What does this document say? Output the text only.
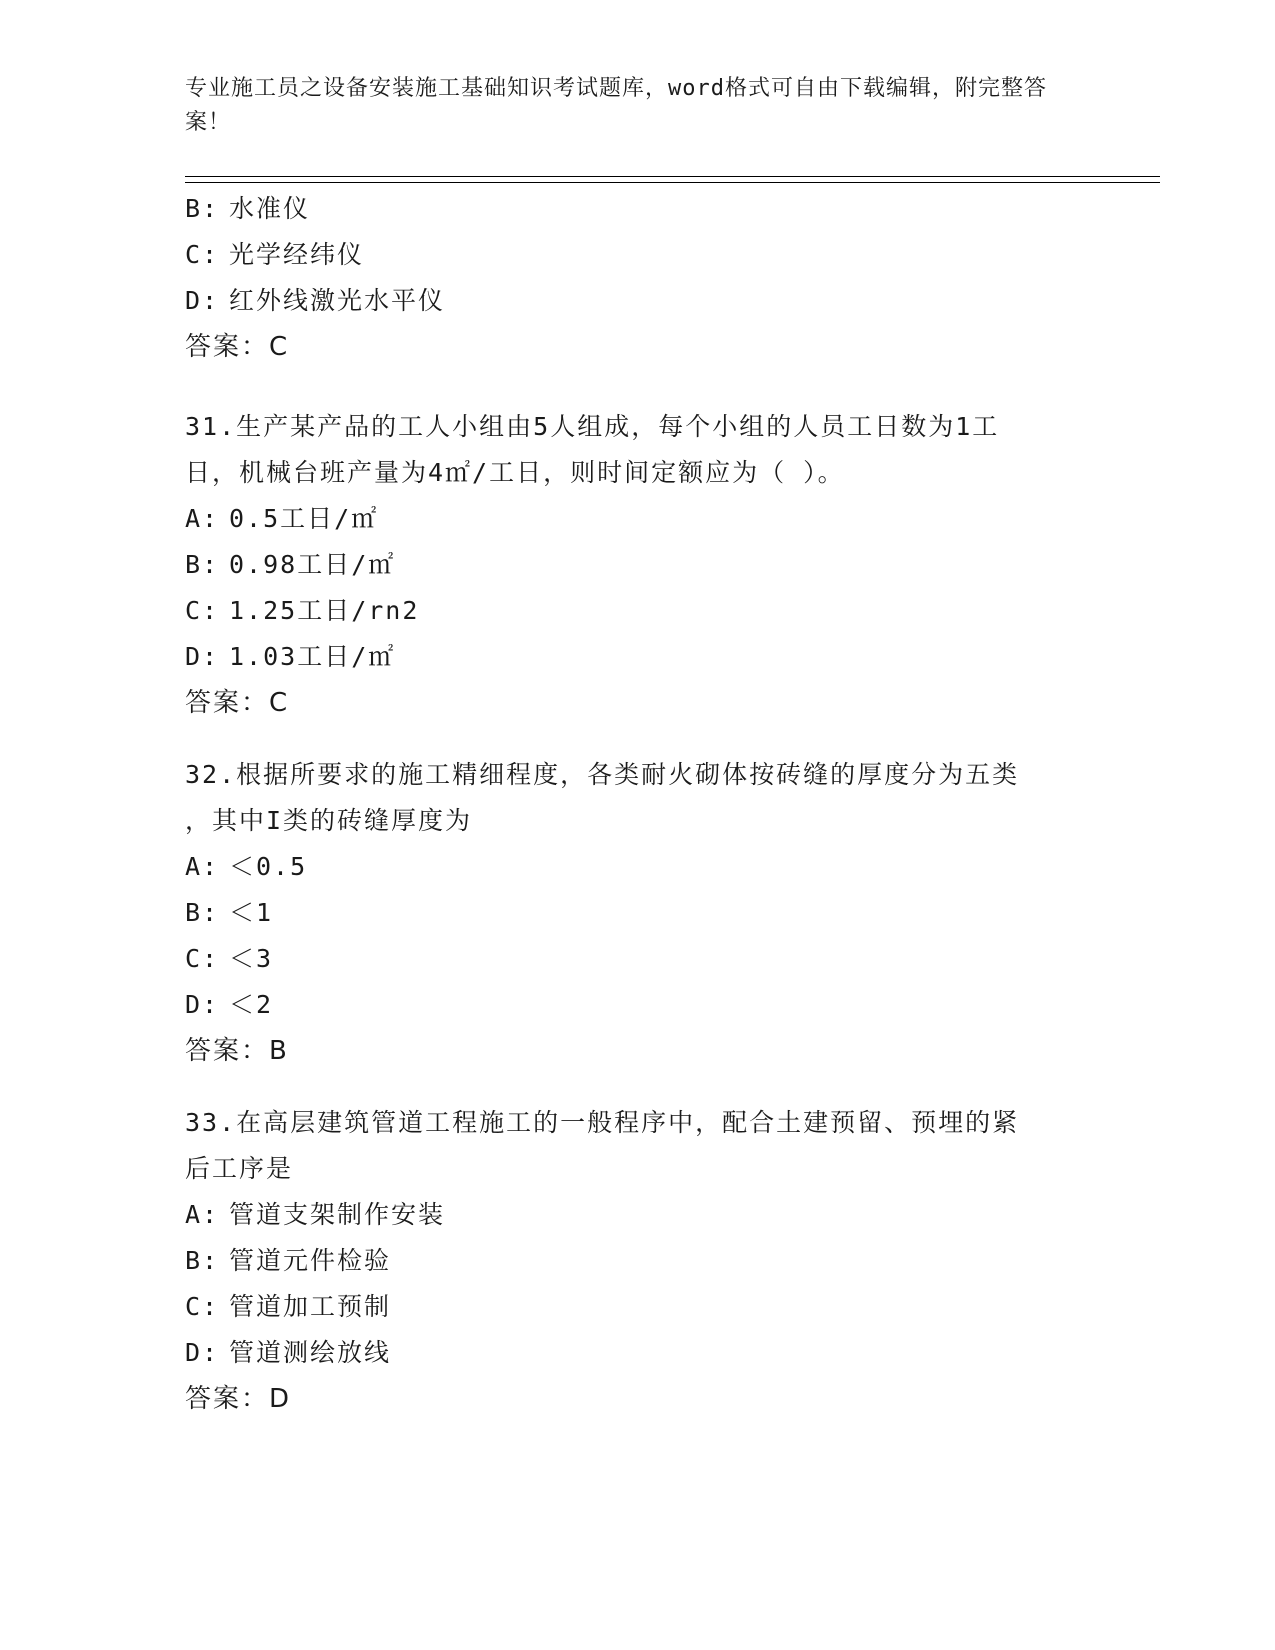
专业施工员之设备安装施工基础知识考试题库，word格式可自由下载编辑，附完整答案！
B: 水准仪
C: 光学经纬仪
D: 红外线激光水平仪
答案：C
31.生产某产品的工人小组由5人组成，每个小组的人员工日数为1工
日，机械台班产量为4㎡/工日，则时间定额应为（ ）。
A: 0.5工日/㎡
B: 0.98工日/㎡
C: 1.25工日/rn2
D: 1.03工日/㎡
答案：C
32.根据所要求的施工精细程度，各类耐火砌体按砖缝的厚度分为五类
，其中I类的砖缝厚度为
A: ＜0.5
B: ＜1
C: ＜3
D: ＜2
答案：B
33.在高层建筑管道工程施工的一般程序中，配合土建预留、预埋的紧
后工序是
A: 管道支架制作安装
B: 管道元件检验
C: 管道加工预制
D: 管道测绘放线
答案：D
